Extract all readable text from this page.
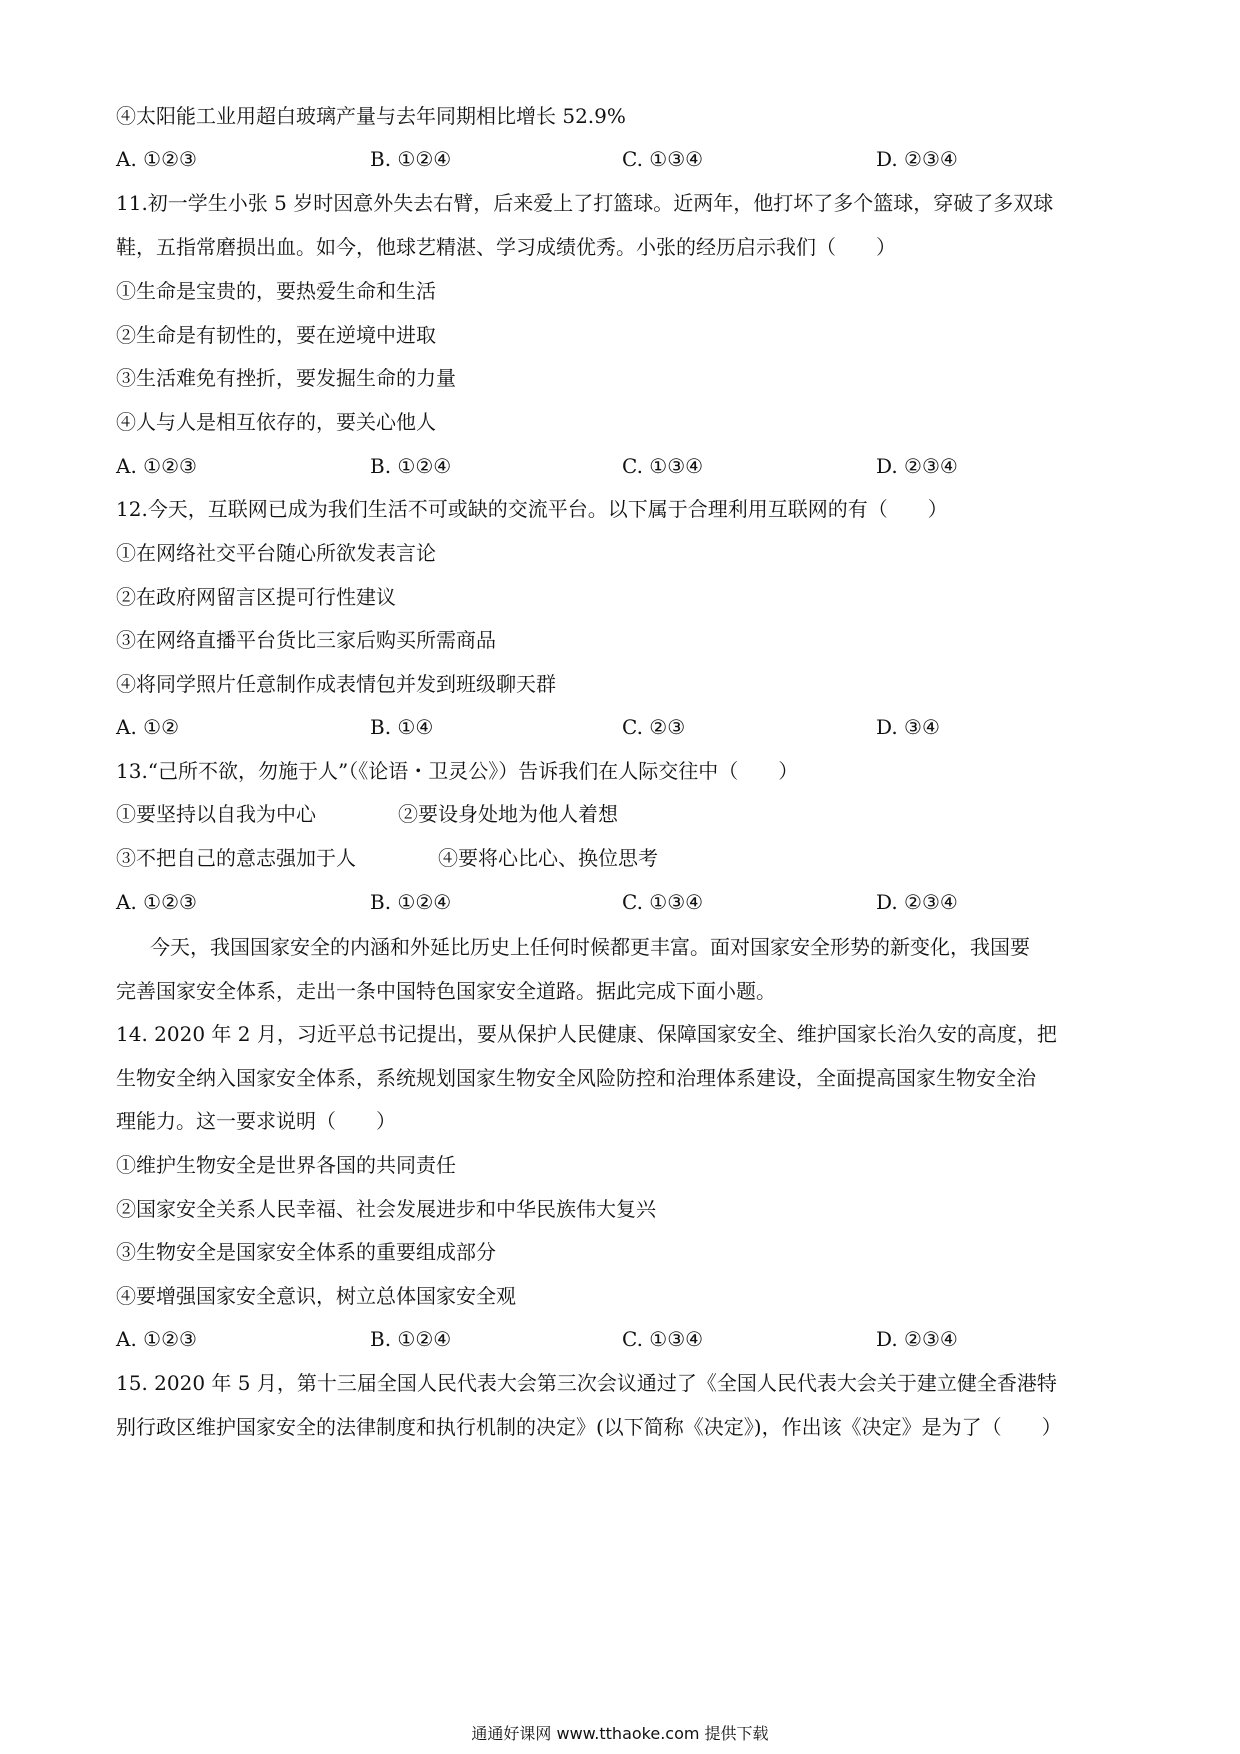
④太阳能工业用超白玻璃产量与去年同期相比增长 52.9%
A. ①②③	B. ①②④	C. ①③④	D. ②③④
11.初一学生小张 5 岁时因意外失去右臂，后来爱上了打篮球。近两年，他打坏了多个篮球，穿破了多双球
鞋，五指常磨损出血。如今，他球艺精湛、学习成绩优秀。小张的经历启示我们（　　）
①生命是宝贵的，要热爱生命和生活
②生命是有韧性的，要在逆境中进取
③生活难免有挫折，要发掘生命的力量
④人与人是相互依存的，要关心他人
A. ①②③	B. ①②④	C. ①③④	D. ②③④
12.今天，互联网已成为我们生活不可或缺的交流平台。以下属于合理利用互联网的有（　　）
①在网络社交平台随心所欲发表言论
②在政府网留言区提可行性建议
③在网络直播平台货比三家后购买所需商品
④将同学照片任意制作成表情包并发到班级聊天群
A. ①②	B. ①④	C. ②③	D. ③④
13.“己所不欲，勿施于人”（《论语・卫灵公》）告诉我们在人际交往中（　　）
①要坚持以自我为中心	②要设身处地为他人着想
③不把自己的意志强加于人	④要将心比心、换位思考
A. ①②③	B. ①②④	C. ①③④	D. ②③④
今天，我国国家安全的内涵和外延比历史上任何时候都更丰富。面对国家安全形势的新变化，我国要
完善国家安全体系，走出一条中国特色国家安全道路。据此完成下面小题。
14. 2020 年 2 月，习近平总书记提出，要从保护人民健康、保障国家安全、维护国家长治久安的高度，把
生物安全纳入国家安全体系，系统规划国家生物安全风险防控和治理体系建设，全面提高国家生物安全治
理能力。这一要求说明（　　）
①维护生物安全是世界各国的共同责任
②国家安全关系人民幸福、社会发展进步和中华民族伟大复兴
③生物安全是国家安全体系的重要组成部分
④要增强国家安全意识，树立总体国家安全观
A. ①②③	B. ①②④	C. ①③④	D. ②③④
15. 2020 年 5 月，第十三届全国人民代表大会第三次会议通过了《全国人民代表大会关于建立健全香港特
别行政区维护国家安全的法律制度和执行机制的决定》(以下简称《决定》)，作出该《决定》是为了（　　）
通通好课网 www.tthaoke.com 提供下载
